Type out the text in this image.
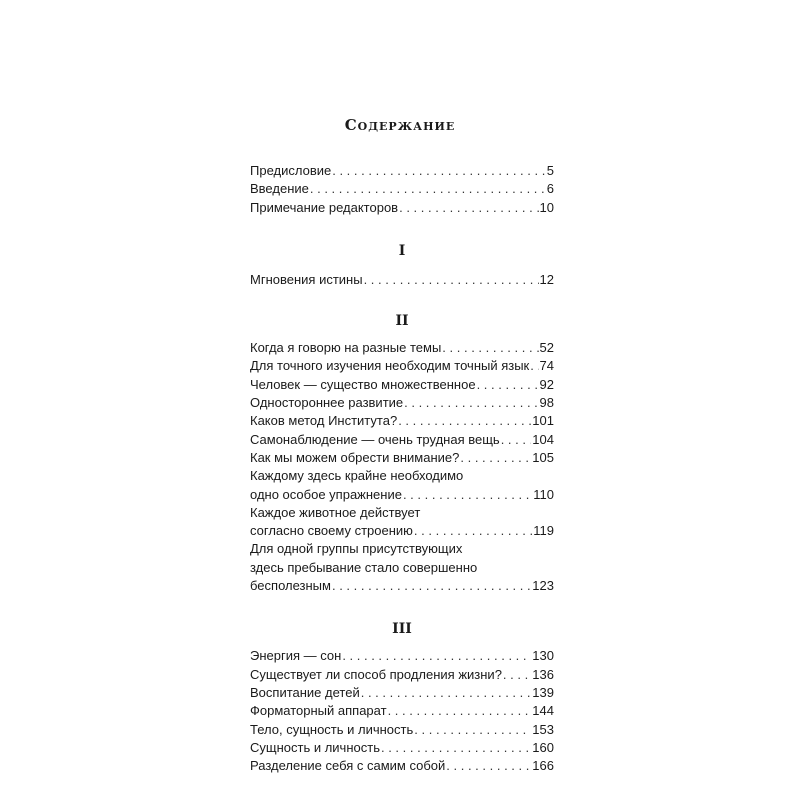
Содержание
Предисловие . . .	5
Введение . . .	6
Примечание редакторов . . .	10
I
Мгновения истины . . .	12
II
Когда я говорю на разные темы . . .	52
Для точного изучения необходим точный язык . . . 74
Человек — существо множественное . . .	92
Одностороннее развитие . . .	98
Каков метод Института? . . .	101
Самонаблюдение — очень трудная вещь . . .	104
Как мы можем обрести внимание? . . .	105
Каждому здесь крайне необходимо
одно особое упражнение . . .	110
Каждое животное действует
согласно своему строению . . .	119
Для одной группы присутствующих
здесь пребывание стало совершенно
бесполезным . . .	123
III
Энергия — сон . . .	130
Существует ли способ продления жизни? . . . 136
Воспитание детей . . .	139
Форматорный аппарат . . .	144
Тело, сущность и личность . . .	153
Сущность и личность . . .	160
Разделение себя с самим собой . . .	166
